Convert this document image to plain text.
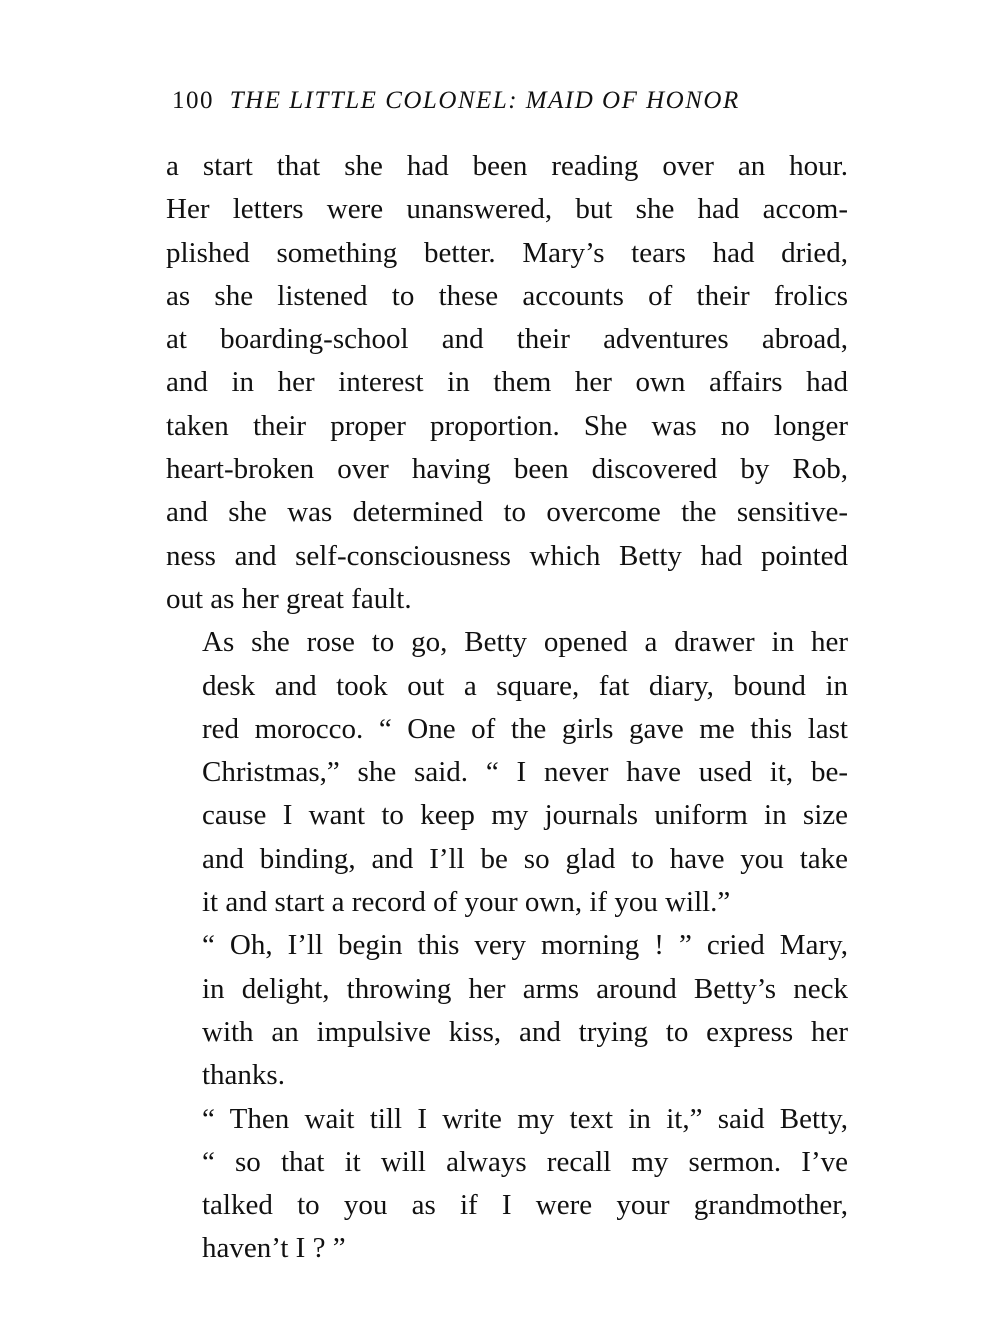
100 THE LITTLE COLONEL: MAID OF HONOR

a start that she had been reading over an hour.
Her letters were unanswered, but she had accom-
plished something better. Mary’s tears had dried,
as she listened to these accounts of their frolics
at boarding-school and their adventures abroad,
and in her interest in them her own affairs had
taken their proper proportion. She was no longer
heart-broken over having been discovered by Rob,
and she was determined to overcome the sensitive-
ness and self-consciousness which Betty had pointed
out as her great fault.

As she rose to go, Betty opened a drawer in her
desk and took out a square, fat diary, bound in
red morocco. “ One of the girls gave me this last
Christmas,” she said. “ I never have used it, be-
cause I want to keep my journals uniform in size
and binding, and I’ll be so glad to have you take
it and start a record of your own, if you will.”

“ Oh, I’ll begin this very morning ! ” cried Mary,
in delight, throwing her arms around Betty’s neck
with an impulsive kiss, and trying to express her
thanks.

“ Then wait till I write my text in it,” said Betty,
“ so that it will always recall my sermon. I’ve
talked to you as if I were your grandmother,
haven’t I ? ”
